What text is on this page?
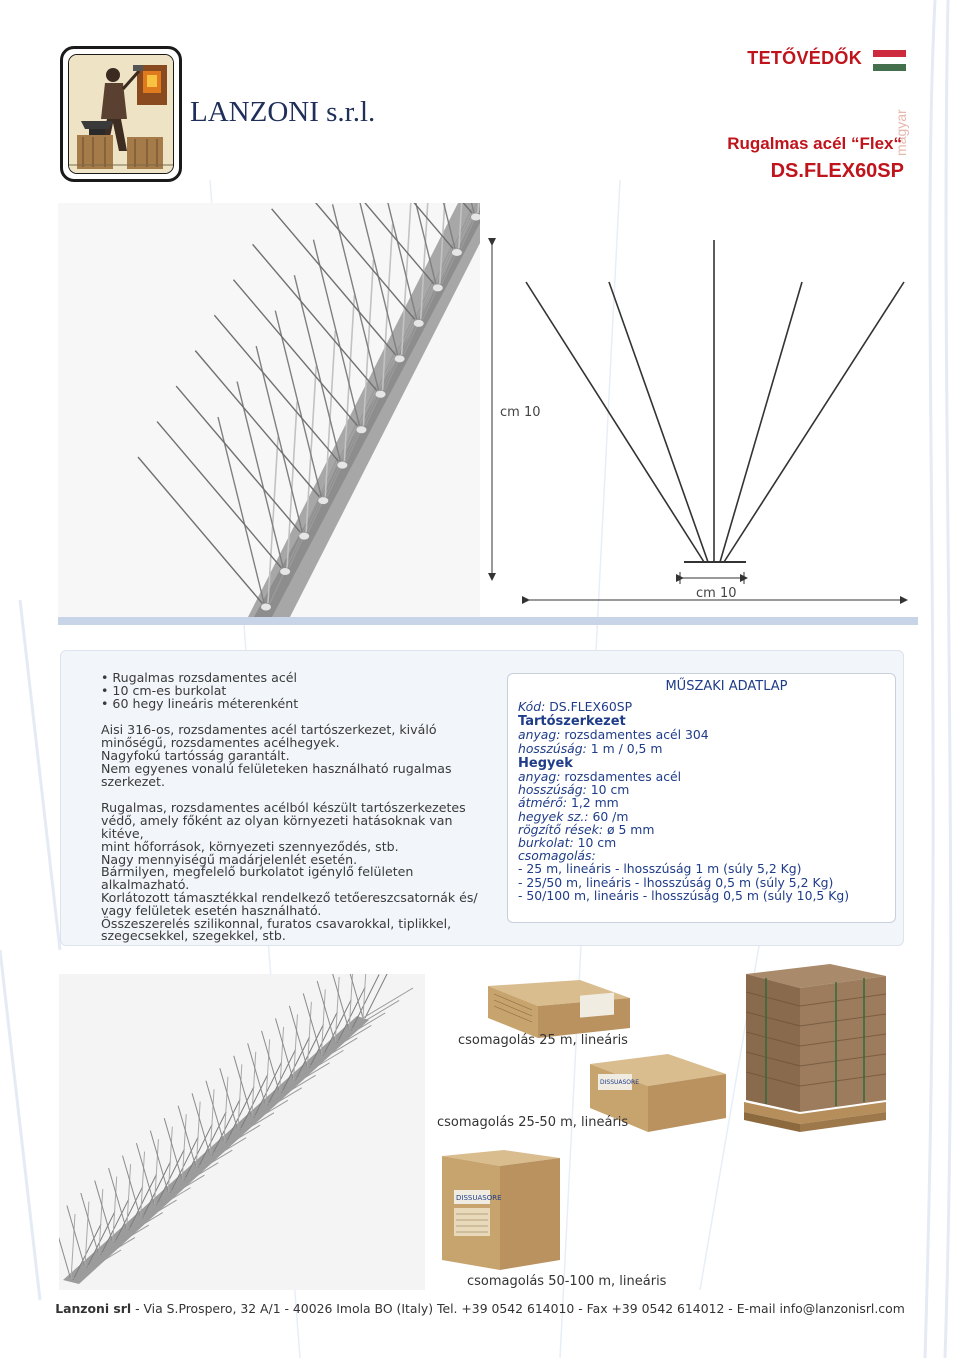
LANZONI s.r.l.
TETŐVÉDŐK
magyar
Rugalmas acél “Flex“
DS.FLEX60SP
cm 10
cm 10
• Rugalmas rozsdamentes acél
• 10 cm-es burkolat
• 60 hegy lineáris méterenként

Aisi 316-os, rozsdamentes acél tartószerkezet, kiváló
minőségű, rozsdamentes acélhegyek.
Nagyfokú tartósság garantált.
Nem egyenes vonalú felületeken használható rugalmas
szerkezet.

Rugalmas, rozsdamentes acélból készült tartószerkezetes
védő, amely főként az olyan környezeti hatásoknak van kitéve,
mint hőforrások, környezeti szennyeződés, stb.
Nagy mennyiségű madárjelenlét esetén.
Bármilyen, megfelelő burkolatot igénylő felületen
alkalmazható.
Korlátozott támasztékkal rendelkező tetőereszcsatornák és/
vagy felületek esetén használható.
Összeszerelés szilikonnal, furatos csavarokkal, tiplikkel,
szegecsekkel, szegekkel, stb.

MŰSZAKI ADATLAP
Kód: DS.FLEX60SP
Tartószerkezet
anyag: rozsdamentes acél 304
hosszúság: 1 m / 0,5 m
Hegyek
anyag: rozsdamentes acél
hosszúság: 10 cm
átmérő: 1,2 mm
hegyek sz.: 60 /m
rögzítő rések: ø 5 mm
burkolat: 10 cm
csomagolás:
- 25 m, lineáris - lhosszúság 1 m (súly 5,2 Kg)
- 25/50 m, lineáris - lhosszúság 0,5 m (súly 5,2 Kg)
- 50/100 m, lineáris - lhosszúság 0,5 m (súly 10,5 Kg)
csomagolás 25 m, lineáris
DISSUASORE
csomagolás 25-50 m, lineáris
DISSUASORE
csomagolás 50-100 m, lineáris
Lanzoni srl - Via S.Prospero, 32 A/1 - 40026 Imola BO (Italy) Tel. +39 0542 614010 - Fax +39 0542 614012 - E-mail info@lanzonisrl.com
